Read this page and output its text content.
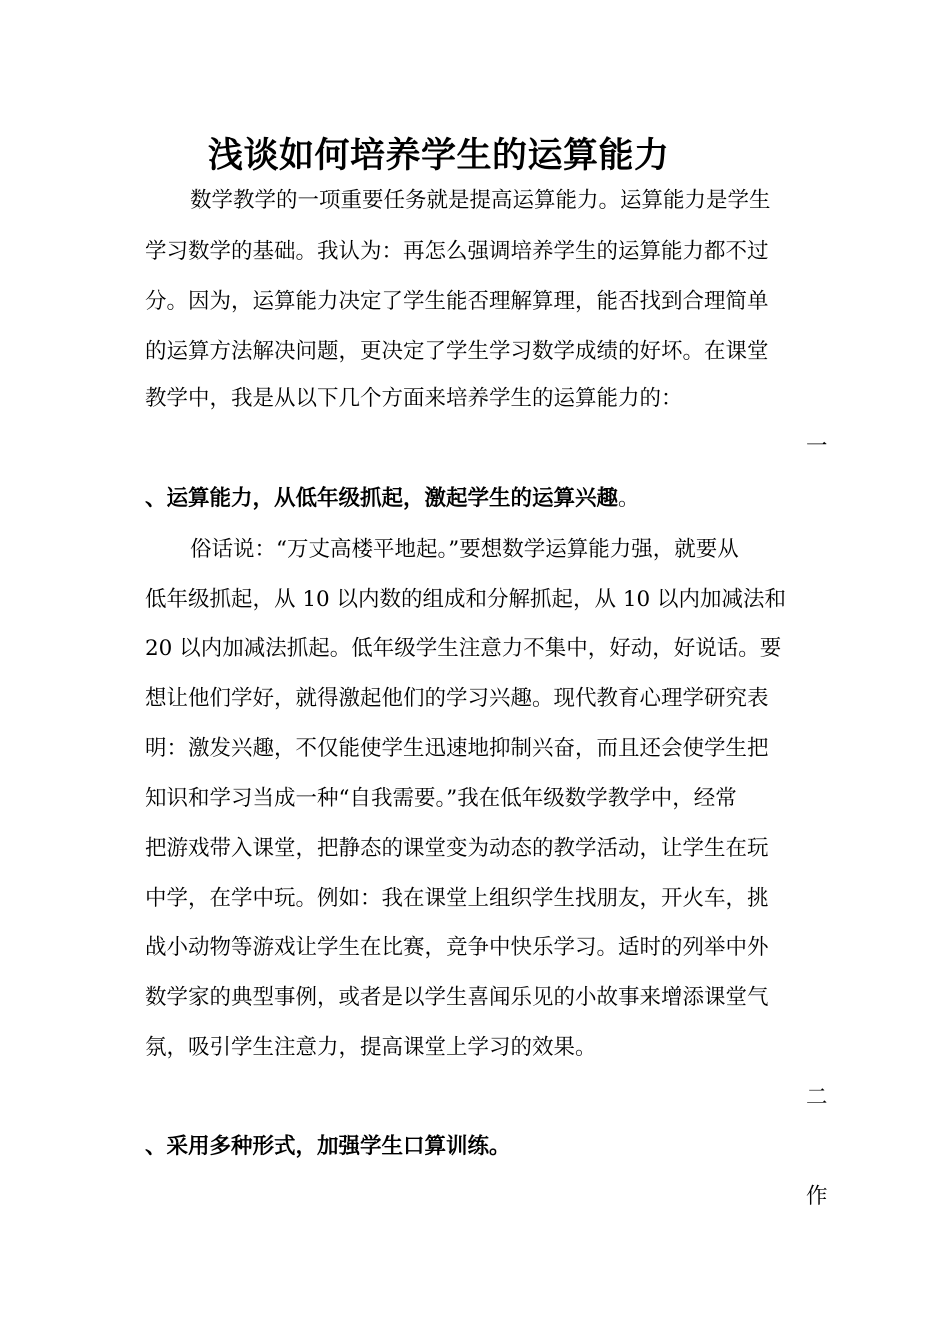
浅谈如何培养学生的运算能力
数学教学的一项重要任务就是提高运算能力。运算能力是学生
学习数学的基础。我认为：再怎么强调培养学生的运算能力都不过
分。因为，运算能力决定了学生能否理解算理，能否找到合理简单
的运算方法解决问题，更决定了学生学习数学成绩的好坏。在课堂
教学中，我是从以下几个方面来培养学生的运算能力的：
一
、运算能力，从低年级抓起，激起学生的运算兴趣。
俗话说：“万丈高楼平地起。”要想数学运算能力强，就要从
低年级抓起，从 10 以内数的组成和分解抓起，从 10 以内加减法和
20 以内加减法抓起。低年级学生注意力不集中，好动，好说话。要
想让他们学好，就得激起他们的学习兴趣。现代教育心理学研究表
明：激发兴趣，不仅能使学生迅速地抑制兴奋，而且还会使学生把
知识和学习当成一种“自我需要。”我在低年级数学教学中，经常
把游戏带入课堂，把静态的课堂变为动态的教学活动，让学生在玩
中学，在学中玩。例如：我在课堂上组织学生找朋友，开火车，挑
战小动物等游戏让学生在比赛，竞争中快乐学习。适时的列举中外
数学家的典型事例，或者是以学生喜闻乐见的小故事来增添课堂气
氛，吸引学生注意力，提高课堂上学习的效果。
二
、采用多种形式，加强学生口算训练。
作
